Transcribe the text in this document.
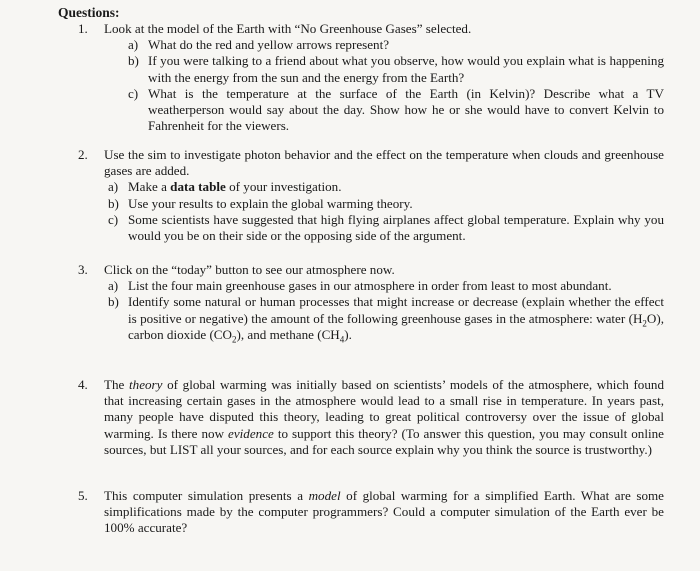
Questions:
1. Look at the model of the Earth with “No Greenhouse Gases” selected.
a) What do the red and yellow arrows represent?
b) If you were talking to a friend about what you observe, how would you explain what is happening with the energy from the sun and the energy from the Earth?
c) What is the temperature at the surface of the Earth (in Kelvin)? Describe what a TV weatherperson would say about the day. Show how he or she would have to convert Kelvin to Fahrenheit for the viewers.
2. Use the sim to investigate photon behavior and the effect on the temperature when clouds and greenhouse gases are added.
a) Make a data table of your investigation.
b) Use your results to explain the global warming theory.
c) Some scientists have suggested that high flying airplanes affect global temperature. Explain why you would you be on their side or the opposing side of the argument.
3. Click on the “today” button to see our atmosphere now.
a) List the four main greenhouse gases in our atmosphere in order from least to most abundant.
b) Identify some natural or human processes that might increase or decrease (explain whether the effect is positive or negative) the amount of the following greenhouse gases in the atmosphere: water $(H_2O)$, carbon dioxide $(CO_2)$, and methane $(CH_4)$.
4. The theory of global warming was initially based on scientists’ models of the atmosphere, which found that increasing certain gases in the atmosphere would lead to a small rise in temperature. In years past, many people have disputed this theory, leading to great political controversy over the issue of global warming. Is there now evidence to support this theory? (To answer this question, you may consult online sources, but LIST all your sources, and for each source explain why you think the source is trustworthy.)
5. This computer simulation presents a model of global warming for a simplified Earth. What are some simplifications made by the computer programmers? Could a computer simulation of the Earth ever be 100% accurate?
